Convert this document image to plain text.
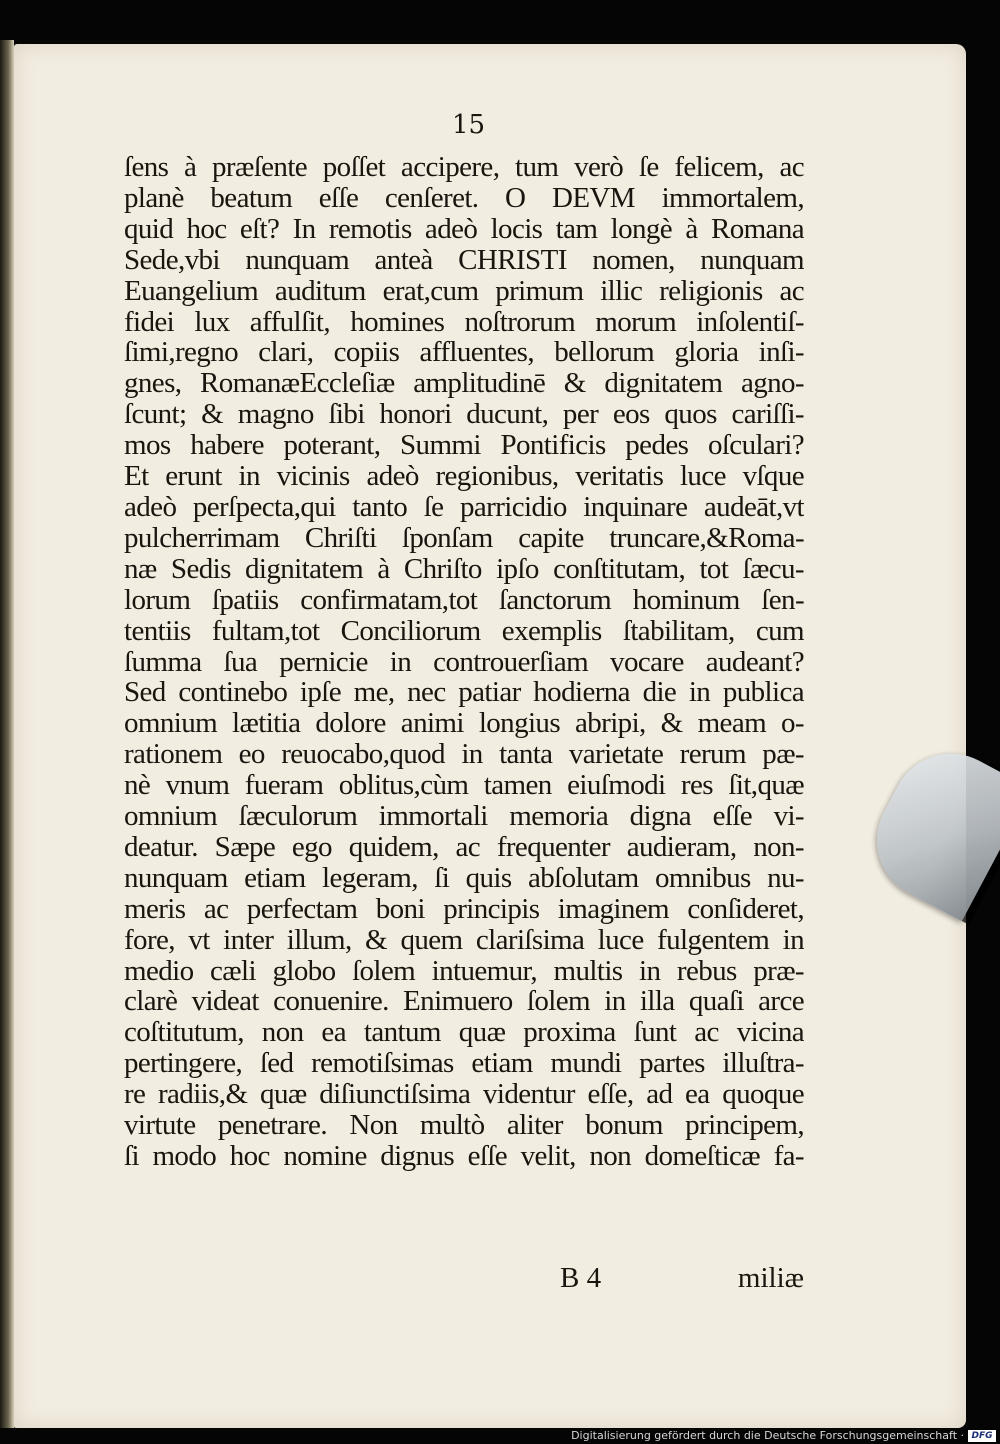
15

ſens à præſente poſſet accipere, tum verò ſe felicem, ac
planè beatum eſſe cenſeret. O DEVM immortalem,
quid hoc eſt? In remotis adeò locis tam longè à Romana
Sede,vbi nunquam anteà CHRISTI nomen, nunquam
Euangelium auditum erat,cum primum illic religionis ac
fidei lux affulſit, homines noſtrorum morum inſolentiſ-
ſimi,regno clari, copiis affluentes, bellorum gloria inſi-
gnes, RomanæEccleſiæ amplitudinē & dignitatem agno-
ſcunt; & magno ſibi honori ducunt, per eos quos cariſſi-
mos habere poterant, Summi Pontificis pedes oſculari?
Et erunt in vicinis adeò regionibus, veritatis luce vſque
adeò perſpecta,qui tanto ſe parricidio inquinare audeāt,vt
pulcherrimam Chriſti ſponſam capite truncare,&Roma-
næ Sedis dignitatem à Chriſto ipſo conſtitutam, tot ſæcu-
lorum ſpatiis confirmatam,tot ſanctorum hominum ſen-
tentiis fultam,tot Conciliorum exemplis ſtabilitam, cum
ſumma ſua pernicie in controuerſiam vocare audeant?
Sed continebo ipſe me, nec patiar hodierna die in publica
omnium lætitia dolore animi longius abripi, & meam o-
rationem eo reuocabo,quod in tanta varietate rerum pæ-
nè vnum fueram oblitus,cùm tamen eiuſmodi res ſit,quæ
omnium ſæculorum immortali memoria digna eſſe vi-
deatur. Sæpe ego quidem, ac frequenter audieram, non-
nunquam etiam legeram, ſi quis abſolutam omnibus nu-
meris ac perfectam boni principis imaginem conſideret,
fore, vt inter illum, & quem clariſsima luce fulgentem in
medio cæli globo ſolem intuemur, multis in rebus præ-
clarè videat conuenire. Enimuero ſolem in illa quaſi arce
coſtitutum, non ea tantum quæ proxima ſunt ac vicina
pertingere, ſed remotiſsimas etiam mundi partes illuſtra-
re radiis,& quæ diſiunctiſsima videntur eſſe, ad ea quoque
virtute penetrare. Non multò aliter bonum principem,
ſi modo hoc nomine dignus eſſe velit, non domeſticæ fa-
B 4	miliæ
Digitalisierung gefördert durch die Deutsche Forschungsgemeinschaft · DFG
